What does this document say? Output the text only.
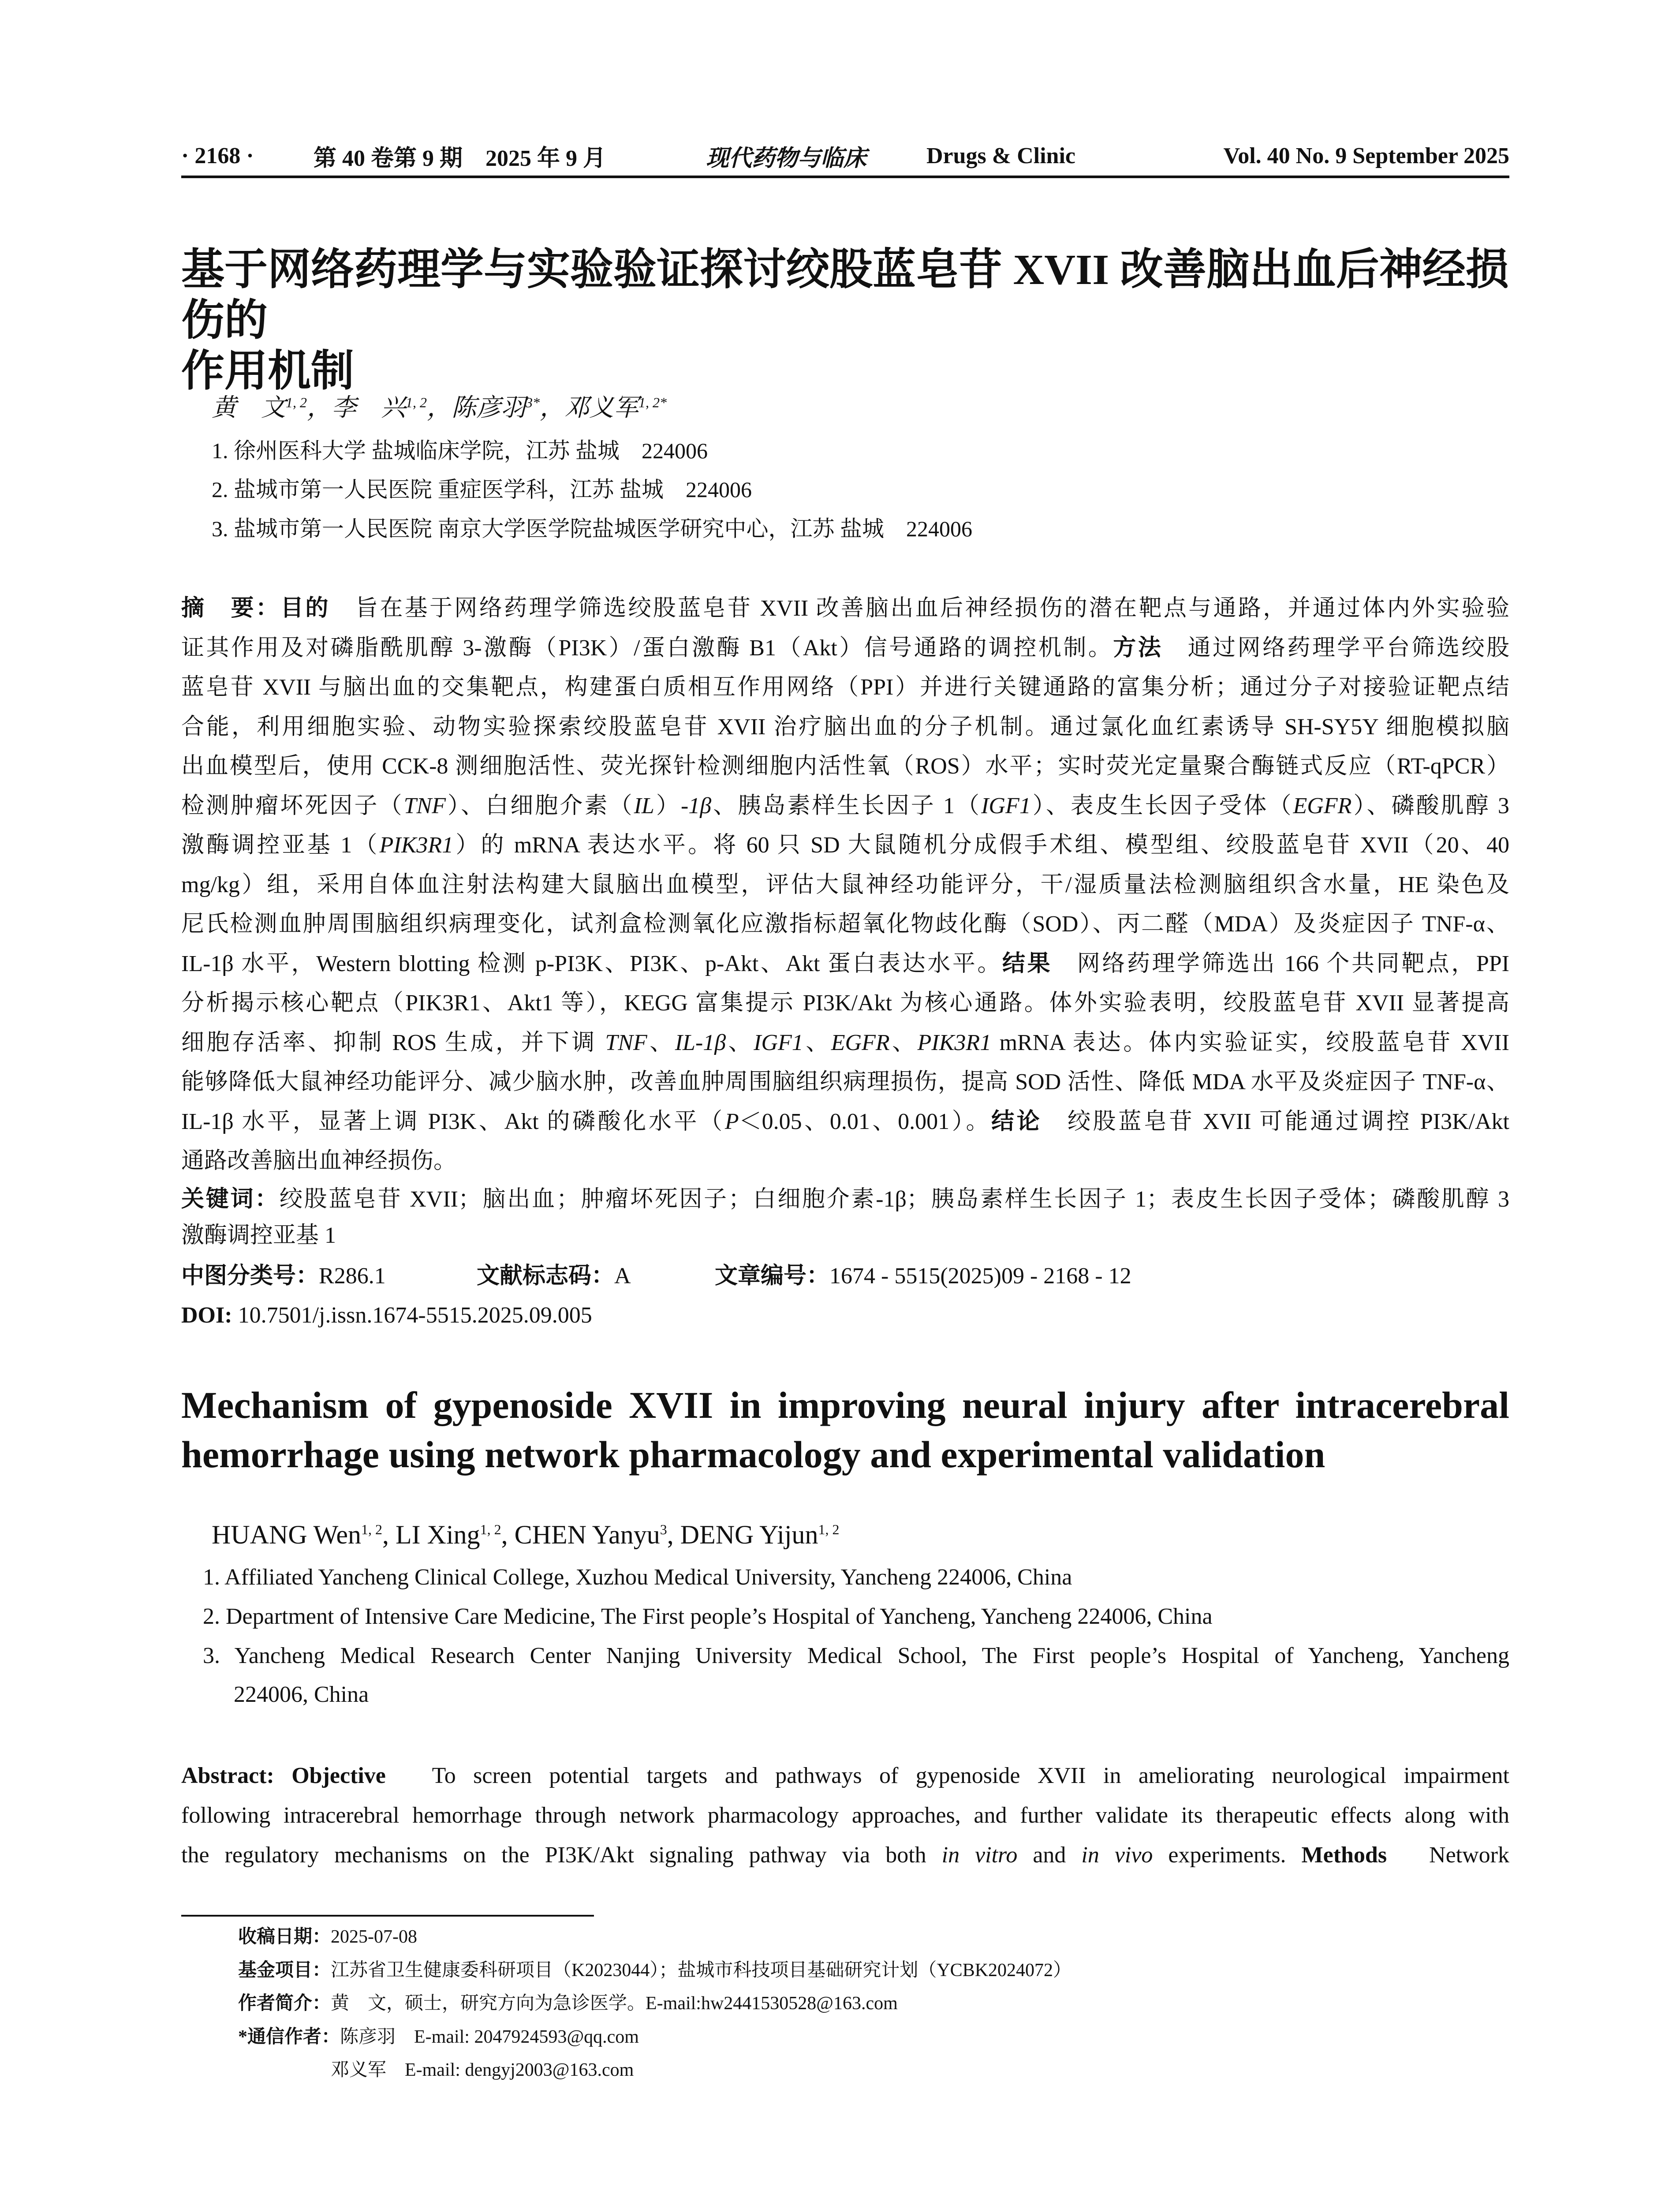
· 2168 ·	第 40 卷第 9 期　2025 年 9 月	现代药物与临床	Drugs & Clinic	Vol. 40 No. 9 September 2025
基于网络药理学与实验验证探讨绞股蓝皂苷 XVII 改善脑出血后神经损伤的
作用机制
黄　文$^{1, 2}$，李　兴$^{1, 2}$，陈彦羽$^{3*}$，邓义军$^{1, 2*}$
1. 徐州医科大学 盐城临床学院，江苏 盐城　224006
2. 盐城市第一人民医院 重症医学科，江苏 盐城　224006
3. 盐城市第一人民医院 南京大学医学院盐城医学研究中心，江苏 盐城　224006
摘　要：目的　旨在基于网络药理学筛选绞股蓝皂苷 XVII 改善脑出血后神经损伤的潜在靶点与通路，并通过体内外实验验
证其作用及对磷脂酰肌醇 3-激酶（PI3K）/蛋白激酶 B1（Akt）信号通路的调控机制。方法　通过网络药理学平台筛选绞股
蓝皂苷 XVII 与脑出血的交集靶点，构建蛋白质相互作用网络（PPI）并进行关键通路的富集分析；通过分子对接验证靶点结
合能，利用细胞实验、动物实验探索绞股蓝皂苷 XVII 治疗脑出血的分子机制。通过氯化血红素诱导 SH-SY5Y 细胞模拟脑
出血模型后，使用 CCK-8 测细胞活性、荧光探针检测细胞内活性氧（ROS）水平；实时荧光定量聚合酶链式反应（RT-qPCR）
检测肿瘤坏死因子（TNF）、白细胞介素（IL）-1β、胰岛素样生长因子 1（IGF1）、表皮生长因子受体（EGFR）、磷酸肌醇 3
激酶调控亚基 1（PIK3R1）的 mRNA 表达水平。将 60 只 SD 大鼠随机分成假手术组、模型组、绞股蓝皂苷 XVII（20、40
mg/kg）组，采用自体血注射法构建大鼠脑出血模型，评估大鼠神经功能评分，干/湿质量法检测脑组织含水量，HE 染色及
尼氏检测血肿周围脑组织病理变化，试剂盒检测氧化应激指标超氧化物歧化酶（SOD）、丙二醛（MDA）及炎症因子 TNF-α、
IL-1β 水平，Western blotting 检测 p-PI3K、PI3K、p-Akt、Akt 蛋白表达水平。结果　网络药理学筛选出 166 个共同靶点，PPI
分析揭示核心靶点（PIK3R1、Akt1 等），KEGG 富集提示 PI3K/Akt 为核心通路。体外实验表明，绞股蓝皂苷 XVII 显著提高
细胞存活率、抑制 ROS 生成，并下调 TNF、IL-1β、IGF1、EGFR、PIK3R1 mRNA 表达。体内实验证实，绞股蓝皂苷 XVII
能够降低大鼠神经功能评分、减少脑水肿，改善血肿周围脑组织病理损伤，提高 SOD 活性、降低 MDA 水平及炎症因子 TNF-α、
IL-1β 水平，显著上调 PI3K、Akt 的磷酸化水平（P＜0.05、0.01、0.001）。结论　绞股蓝皂苷 XVII 可能通过调控 PI3K/Akt
通路改善脑出血神经损伤。
关键词：绞股蓝皂苷 XVII；脑出血；肿瘤坏死因子；白细胞介素-1β；胰岛素样生长因子 1；表皮生长因子受体；磷酸肌醇 3
激酶调控亚基 1
中图分类号：R286.1	文献标志码：A	文章编号：1674 - 5515(2025)09 - 2168 - 12
DOI: 10.7501/j.issn.1674-5515.2025.09.005
Mechanism of gypenoside XVII in improving neural injury after intracerebral
hemorrhage using network pharmacology and experimental validation
HUANG Wen$^{1, 2}$, LI Xing$^{1, 2}$, CHEN Yanyu$^3$, DENG Yijun$^{1, 2}$
1. Affiliated Yancheng Clinical College, Xuzhou Medical University, Yancheng 224006, China
2. Department of Intensive Care Medicine, The First people’s Hospital of Yancheng, Yancheng 224006, China
3. Yancheng Medical Research Center Nanjing University Medical School, The First people’s Hospital of Yancheng, Yancheng
224006, China
Abstract: Objective　To screen potential targets and pathways of gypenoside XVII in ameliorating neurological impairment
following intracerebral hemorrhage through network pharmacology approaches, and further validate its therapeutic effects along with
the regulatory mechanisms on the PI3K/Akt signaling pathway via both in vitro and in vivo experiments. Methods　Network
收稿日期：2025-07-08
基金项目：江苏省卫生健康委科研项目（K2023044）；盐城市科技项目基础研究计划（YCBK2024072）
作者简介：黄　文，硕士，研究方向为急诊医学。E-mail:hw2441530528@163.com
*通信作者：陈彦羽　E-mail: 2047924593@qq.com
　　　　　邓义军　E-mail: dengyj2003@163.com
